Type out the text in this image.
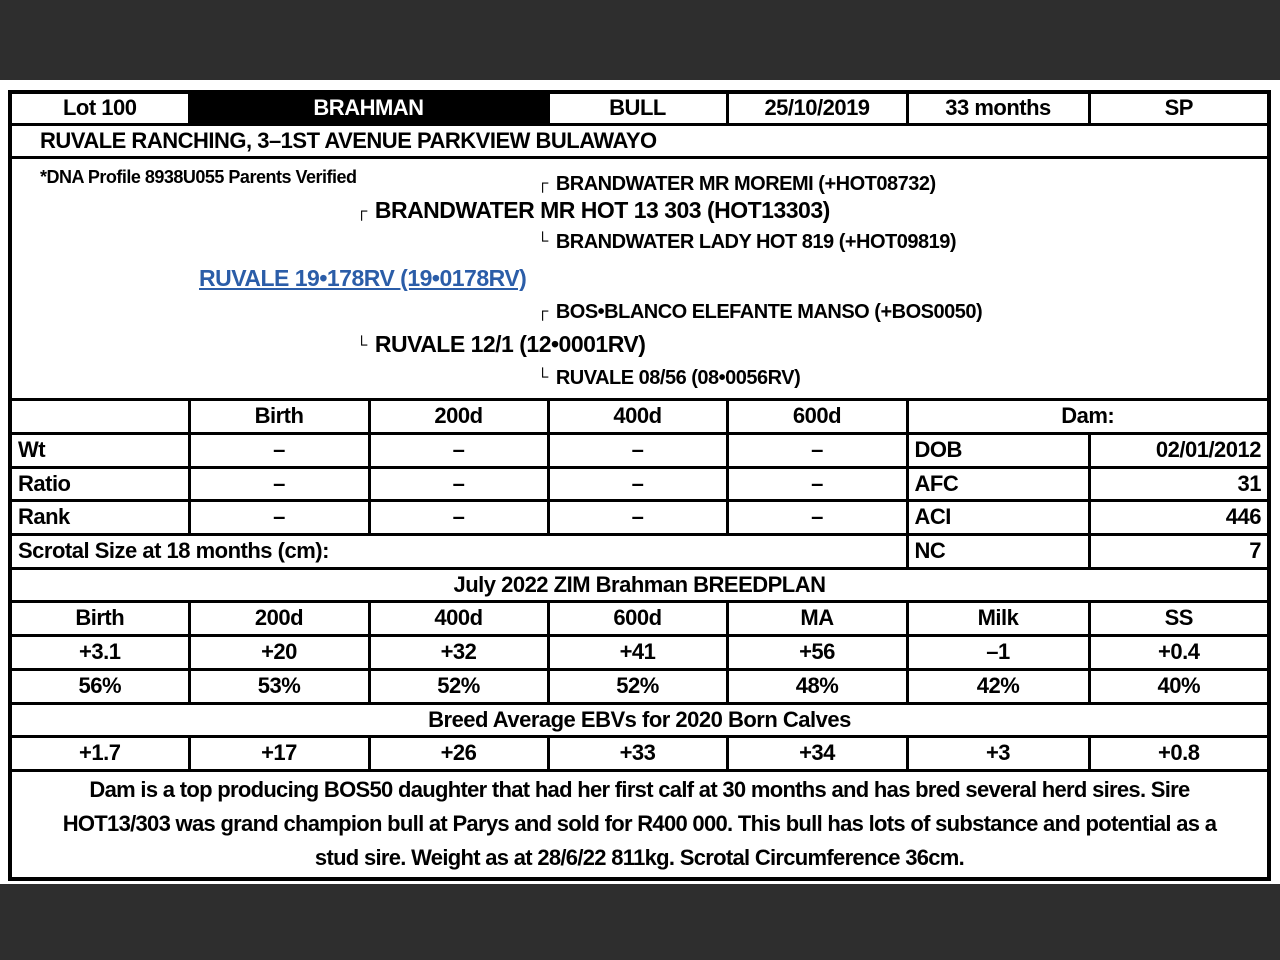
Lot 100	BRAHMAN		BULL	25/10/2019	33 months	SP
RUVALE RANCHING, 3–1ST AVENUE PARKVIEW BULAWAYO						

*DNA Profile 8938U055 Parents Verified	┌ BRANDWATER MR MOREMI (+HOT08732)
┌ BRANDWATER MR HOT 13 303 (HOT13303)
└ BRANDWATER LADY HOT 819 (+HOT09819)
RUVALE 19•178RV (19•0178RV)
┌ BOS•BLANCO ELEFANTE MANSO (+BOS0050)
└ RUVALE 12/1 (12•0001RV)
└ RUVALE 08/56 (08•0056RV)

	Birth	200d	400d	600d	Dam:	
Wt	–	–	–	–	DOB	02/01/2012
Ratio	–	–	–	–	AFC	31
Rank	–	–	–	–	ACI	446
Scrotal Size at 18 months (cm):					NC	7
July 2022 ZIM Brahman BREEDPLAN						
Birth	200d	400d	600d	MA	Milk	SS
+3.1	+20	+32	+41	+56	–1	+0.4
56%	53%	52%	52%	48%	42%	40%
Breed Average EBVs for 2020 Born Calves						
+1.7	+17	+26	+33	+34	+3	+0.8

Dam is a top producing BOS50 daughter that had her first calf at 30 months and has bred several herd sires. Sire
HOT13/303 was grand champion bull at Parys and sold for R400 000. This bull has lots of substance and potential as a
stud sire. Weight as at 28/6/22 811kg. Scrotal Circumference 36cm.						
